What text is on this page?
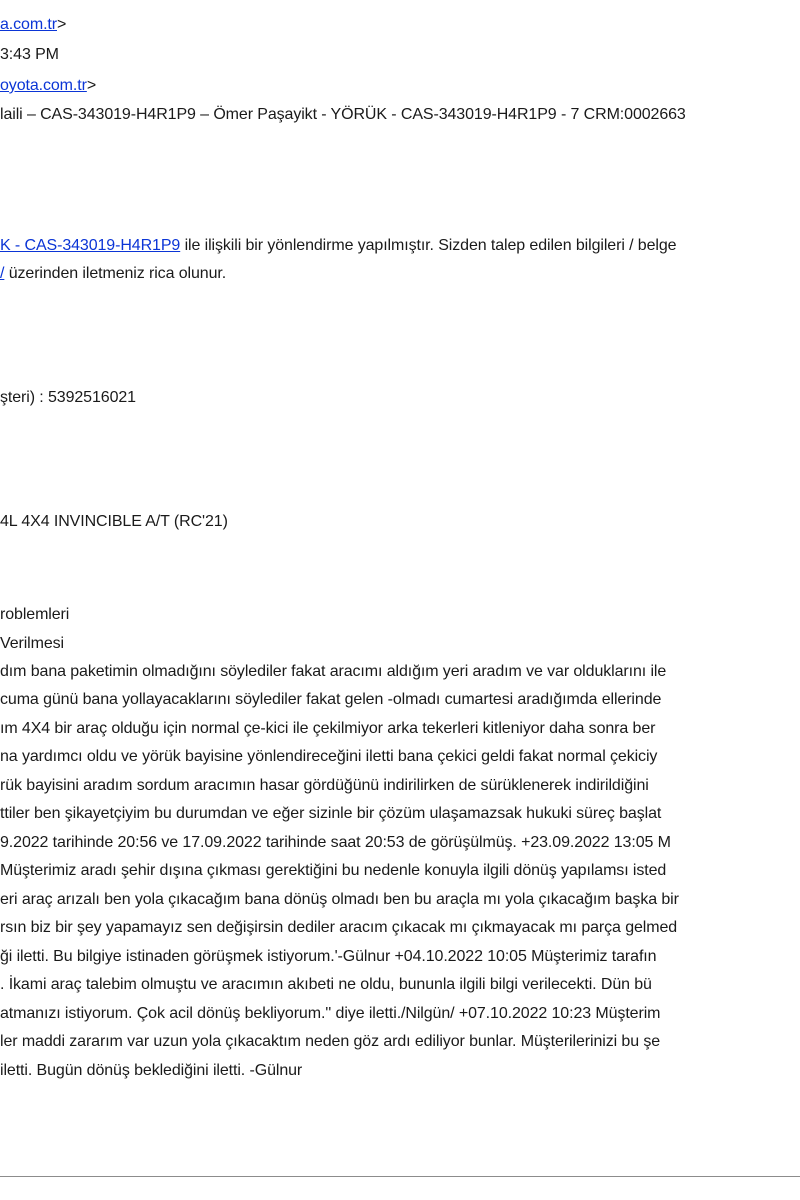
a.com.tr>
3:43 PM
oyota.com.tr>
laili – CAS-343019-H4R1P9 – Ömer Paşayikt - YÖRÜK - CAS-343019-H4R1P9 - 7 CRM:0002663
K - CAS-343019-H4R1P9 ile ilişkili bir yönlendirme yapılmıştır. Sizden talep edilen bilgileri / belge
/ üzerinden iletmeniz rica olunur.
şteri) : 5392516021
4L 4X4 INVINCIBLE A/T (RC'21)
roblemleri
Verilmesi
dım bana paketimin olmadığını söylediler fakat aracımı aldığım yeri aradım ve var olduklarını ile
cuma günü bana yollayacaklarını söylediler fakat gelen -olmadı cumartesi aradığımda ellerinde
ım 4X4 bir araç olduğu için normal çe-kici ile çekilmiyor arka tekerleri kitleniyor daha sonra ber
na yardımcı oldu ve yörük bayisine yönlendireceğini iletti bana çekici geldi fakat normal çekiciy
rük bayisini aradım sordum aracımın hasar gördüğünü indirilirken de sürüklenerek indirildiğini
ttiler ben şikayetçiyim bu durumdan ve eğer sizinle bir çözüm ulaşamazsak hukuki süreç başlat
9.2022 tarihinde 20:56 ve 17.09.2022 tarihinde saat 20:53 de görüşülmüş. +23.09.2022 13:05 M
Müşterimiz aradı şehir dışına çıkması gerektiğini bu nedenle konuyla ilgili dönüş yapılamsı isted
eri araç arızalı ben yola çıkacağım bana dönüş olmadı ben bu araçla mı yola çıkacağım başka bir
rsın biz bir şey yapamayız sen değişirsin dediler aracım çıkacak mı çıkmayacak mı parça gelmed
ği iletti. Bu bilgiye istinaden görüşmek istiyorum.'-Gülnur +04.10.2022 10:05 Müşterimiz tarafın
. İkami araç talebim olmuştu ve aracımın akıbeti ne oldu, bununla ilgili bilgi verilecekti. Dün bü
atmanızı istiyorum. Çok acil dönüş bekliyorum.'' diye iletti./Nilgün/ +07.10.2022 10:23 Müşterim
ler maddi zararım var uzun yola çıkacaktım neden göz ardı ediliyor bunlar. Müşterilerinizi bu şe
iletti. Bugün dönüş beklediğini iletti. -Gülnur
